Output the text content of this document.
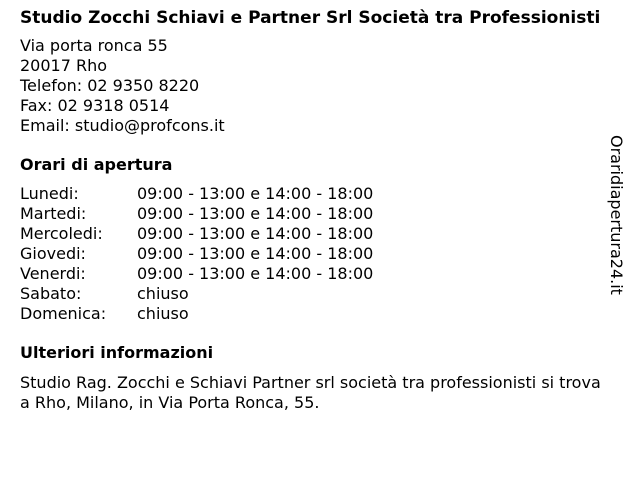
Studio Zocchi Schiavi e Partner Srl Società tra Professionisti
Via porta ronca 55
20017 Rho
Telefon: 02 9350 8220
Fax: 02 9318 0514
Email: studio@profcons.it
Orari di apertura
Lunedi:	09:00 - 13:00 e 14:00 - 18:00
Martedi:	09:00 - 13:00 e 14:00 - 18:00
Mercoledi:	09:00 - 13:00 e 14:00 - 18:00
Giovedi:	09:00 - 13:00 e 14:00 - 18:00
Venerdi:	09:00 - 13:00 e 14:00 - 18:00
Sabato:	chiuso
Domenica:	chiuso
Ulteriori informazioni
Studio Rag. Zocchi e Schiavi Partner srl società tra professionisti si trova a Rho, Milano, in Via Porta Ronca, 55.
Oraridiapertura24.it
